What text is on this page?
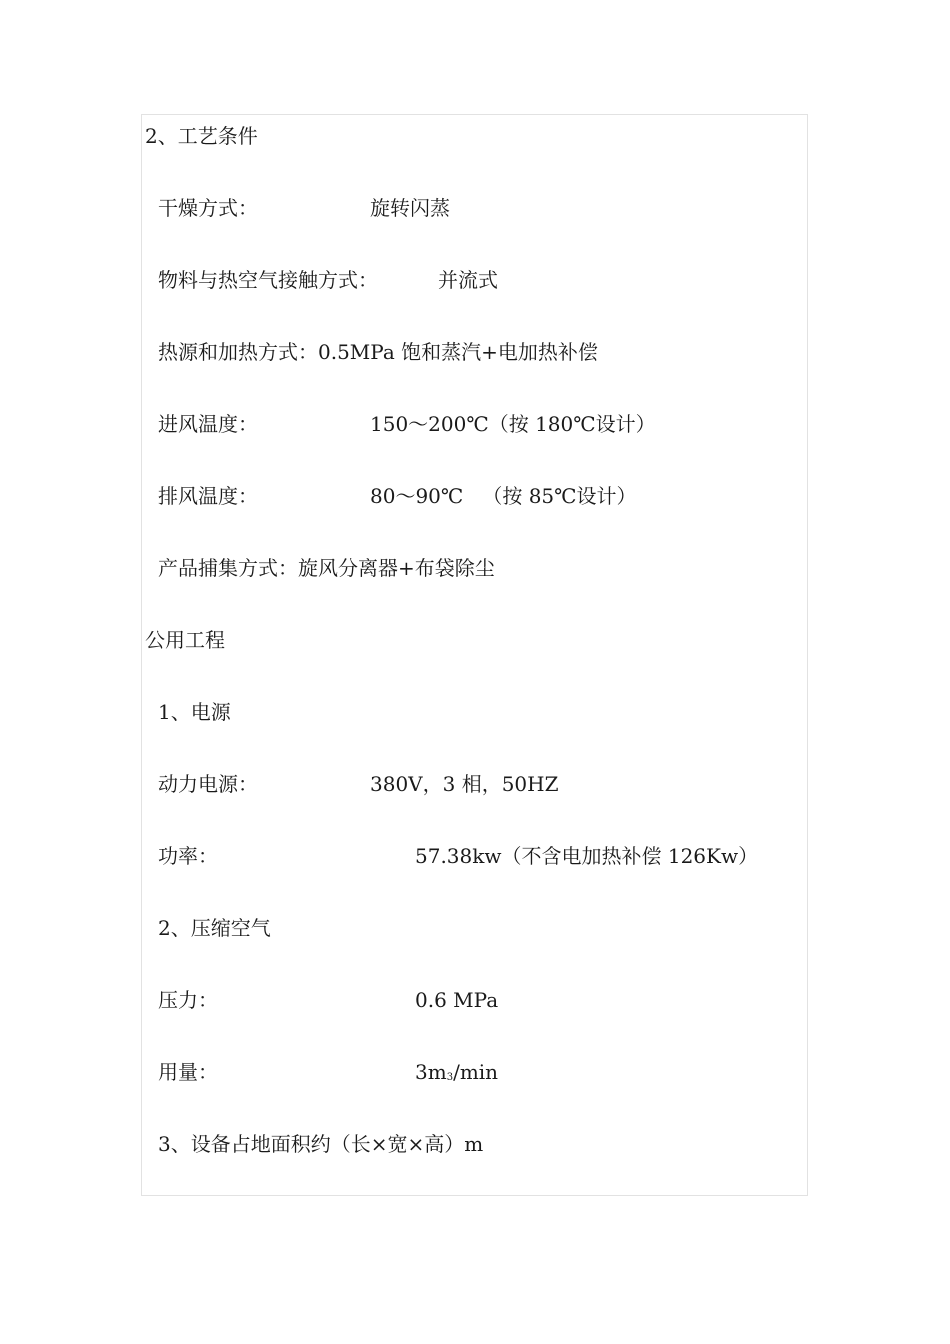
2、工艺条件
干燥方式：	旋转闪蒸
物料与热空气接触方式：	并流式
热源和加热方式：0.5MPa 饱和蒸汽+电加热补偿
进风温度：	150～200℃（按 180℃设计）
排风温度：	80～90℃   （按 85℃设计）
产品捕集方式：旋风分离器+布袋除尘
公用工程
1、电源
动力电源：	380V，3 相，50HZ
功率：	57.38kw（不含电加热补偿 126Kw）
2、压缩空气
压力：	0.6 MPa
用量：	$3m_3/\min$
3、设备占地面积约（长×宽×高）m
